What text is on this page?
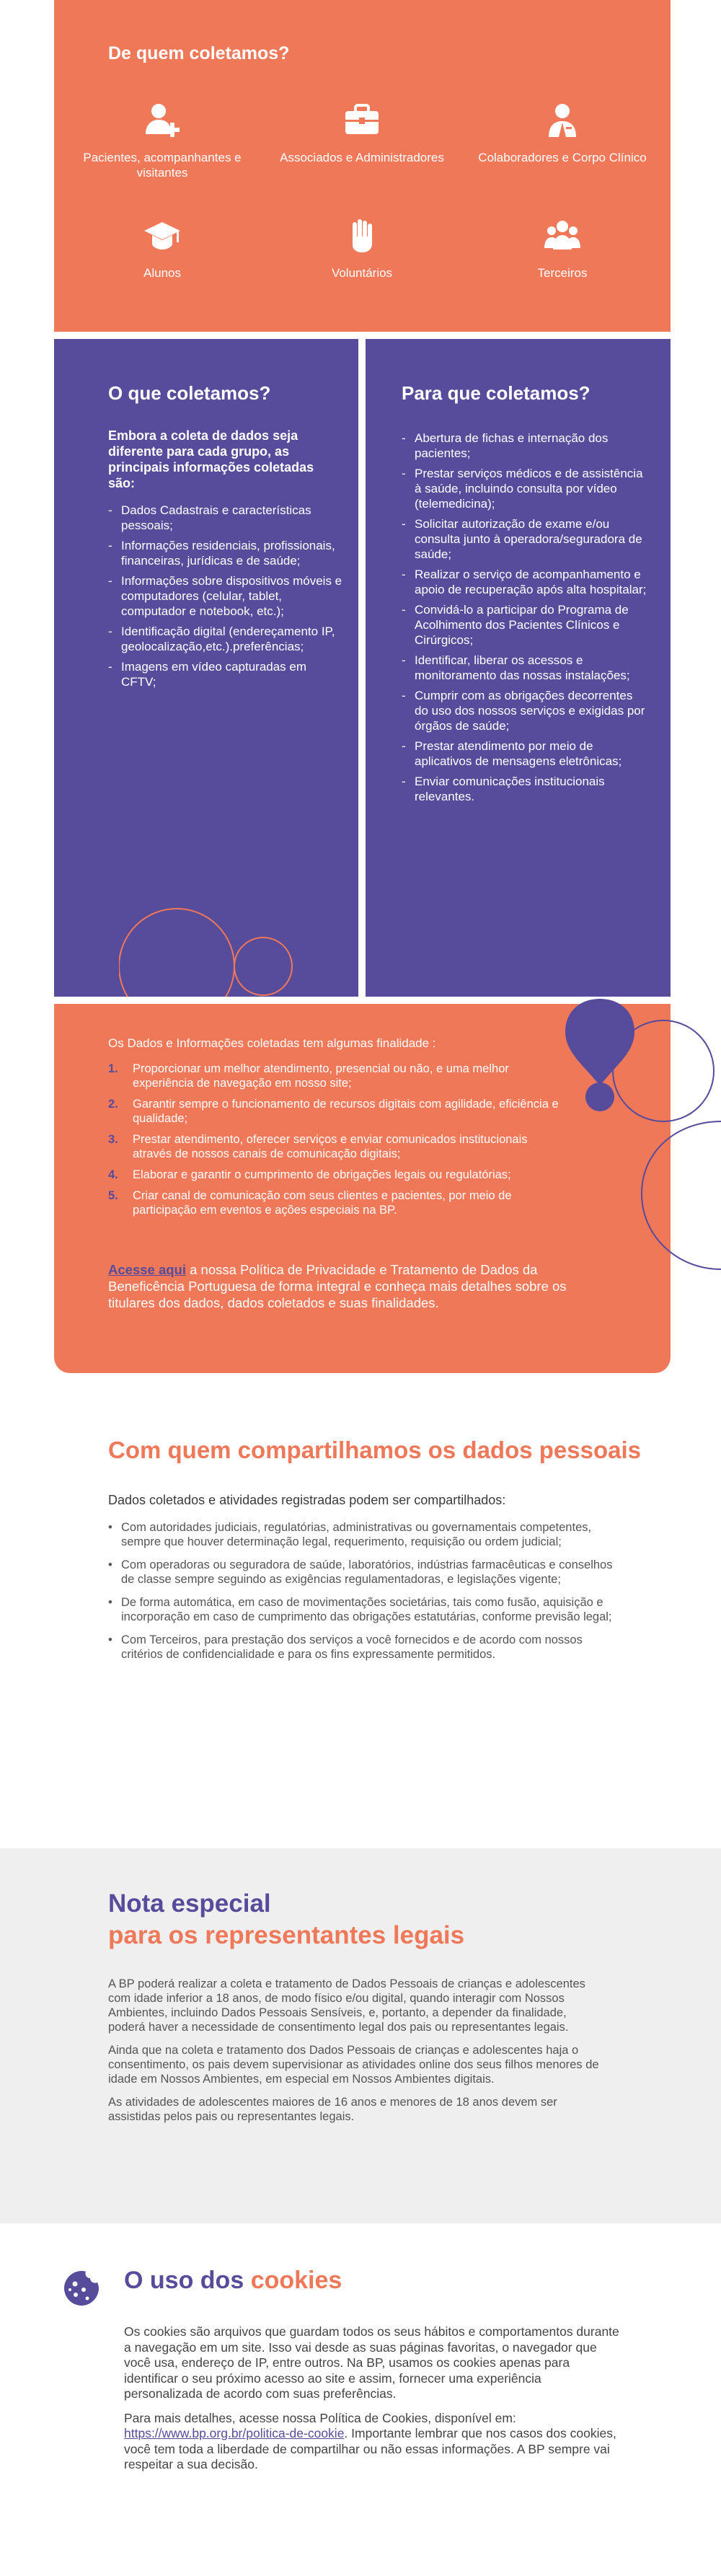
De quem coletamos?
Pacientes, acompanhantes e visitantes
Associados e Administradores	Colaboradores e Corpo Clínico
Alunos	Voluntários	Terceiros
O que coletamos?

Embora a coleta de dados seja diferente para cada grupo, as principais informações coletadas são:

- Dados Cadastrais e características pessoais;
- Informações residenciais, profissionais, financeiras, jurídicas e de saúde;
- Informações sobre dispositivos móveis e computadores (celular, tablet, computador e notebook, etc.);
- Identificação digital (endereçamento IP, geolocalização,etc.).preferências;
- Imagens em vídeo capturadas em CFTV;
Para que coletamos?
- Abertura de fichas e internação dos pacientes;
- Prestar serviços médicos e de assistência à saúde, incluindo consulta por vídeo (telemedicina);
- Solicitar autorização de exame e/ou consulta junto à operadora/seguradora de saúde;
- Realizar o serviço de acompanhamento e apoio de recuperação após alta hospitalar;
- Convidá-lo a participar do Programa de Acolhimento dos Pacientes Clínicos e Cirúrgicos;
- Identificar, liberar os acessos e monitoramento das nossas instalações;
- Cumprir com as obrigações decorrentes do uso dos nossos serviços e exigidas por órgãos de saúde;
- Prestar atendimento por meio de aplicativos de mensagens eletrônicas;
- Enviar comunicações institucionais relevantes.
Os Dados e Informações coletadas tem algumas finalidade :
1.	Proporcionar um melhor atendimento, presencial ou não, e uma melhor experiência de navegação em nosso site;
2.	Garantir sempre o funcionamento de recursos digitais com agilidade, eficiência e qualidade;
3.	Prestar atendimento, oferecer serviços e enviar comunicados institucionais através de nossos canais de comunicação digitais;
4.	Elaborar e garantir o cumprimento de obrigações legais ou regulatórias;
5.	Criar canal de comunicação com seus clientes e pacientes, por meio de participação em eventos e ações especiais na BP.

Acesse aqui a nossa Política de Privacidade e Tratamento de Dados da Beneficência Portuguesa de forma integral e conheça mais detalhes sobre os titulares dos dados, dados coletados e suas finalidades.

Com quem compartilhamos os dados pessoais

Dados coletados e atividades registradas podem ser compartilhados:

• Com autoridades judiciais, regulatórias, administrativas ou governamentais competentes, sempre que houver determinação legal, requerimento, requisição ou ordem judicial;
• Com operadoras ou seguradora de saúde, laboratórios, indústrias farmacêuticas e conselhos de classe sempre seguindo as exigências regulamentadoras, e legislações vigente;
• De forma automática, em caso de movimentações societárias, tais como fusão, aquisição e incorporação em caso de cumprimento das obrigações estatutárias, conforme previsão legal;
• Com Terceiros, para prestação dos serviços a você fornecidos e de acordo com nossos critérios de confidencialidade e para os fins expressamente permitidos.
Nota especial
para os representantes legais

A BP poderá realizar a coleta e tratamento de Dados Pessoais de crianças e adolescentes com idade inferior a 18 anos, de modo físico e/ou digital, quando interagir com Nossos Ambientes, incluindo Dados Pessoais Sensíveis, e, portanto, a depender da finalidade, poderá haver a necessidade de consentimento legal dos pais ou representantes legais.

Ainda que na coleta e tratamento dos Dados Pessoais de crianças e adolescentes haja o consentimento, os pais devem supervisionar as atividades online dos seus filhos menores de idade em Nossos Ambientes, em especial em Nossos Ambientes digitais.

As atividades de adolescentes maiores de 16 anos e menores de 18 anos devem ser assistidas pelos pais ou representantes legais.

O uso dos cookies

Os cookies são arquivos que guardam todos os seus hábitos e comportamentos durante a navegação em um site. Isso vai desde as suas páginas favoritas, o navegador que você usa, endereço de IP, entre outros. Na BP, usamos os cookies apenas para identificar o seu próximo acesso ao site e assim, fornecer uma experiência personalizada de acordo com suas preferências.

Para mais detalhes, acesse nossa Política de Cookies, disponível em: https://www.bp.org.br/politica-de-cookie. Importante lembrar que nos casos dos cookies, você tem toda a liberdade de compartilhar ou não essas informações. A BP sempre vai respeitar a sua decisão.
